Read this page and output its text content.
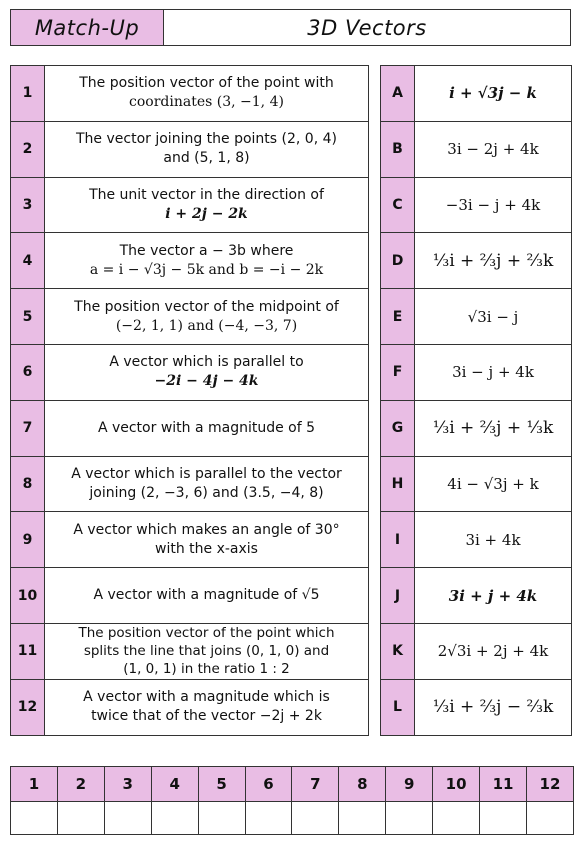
Match-Up	3D Vectors
1	The position vector of the point with
coordinates (3, −1, 4)

2	The vector joining the points (2, 0, 4)
and (5, 1, 8)

3	The unit vector in the direction of
i + 2j − 2k

4	The vector a − 3b where
a = i − √3j − 5k and b = −i − 2k

5	The position vector of the midpoint of
(−2, 1, 1) and (−4, −3, 7)

6	A vector which is parallel to
−2i − 4j − 4k

7	A vector with a magnitude of 5

8	A vector which is parallel to the vector
joining (2, −3, 6) and (3.5, −4, 8)

9	A vector which makes an angle of 30°
with the x-axis

10	A vector with a magnitude of √5

11	The position vector of the point which
splits the line that joins (0, 1, 0) and
(1, 0, 1) in the ratio 1 : 2

12	A vector with a magnitude which is
twice that of the vector −2j + 2k
A	i + √3j − k
B	3i − 2j + 4k
C	−3i − j + 4k
D	⅓i + ⅔j + ⅔k
E	√3i − j
F	3i − j + 4k
G	⅓i + ⅔j + ⅓k
H	4i − √3j + k
I	3i + 4k
J	3i + j + 4k
K	2√3i + 2j + 4k
L	⅓i + ⅔j − ⅔k
1	2	3	4	5	6	7	8	9	10	11	12
